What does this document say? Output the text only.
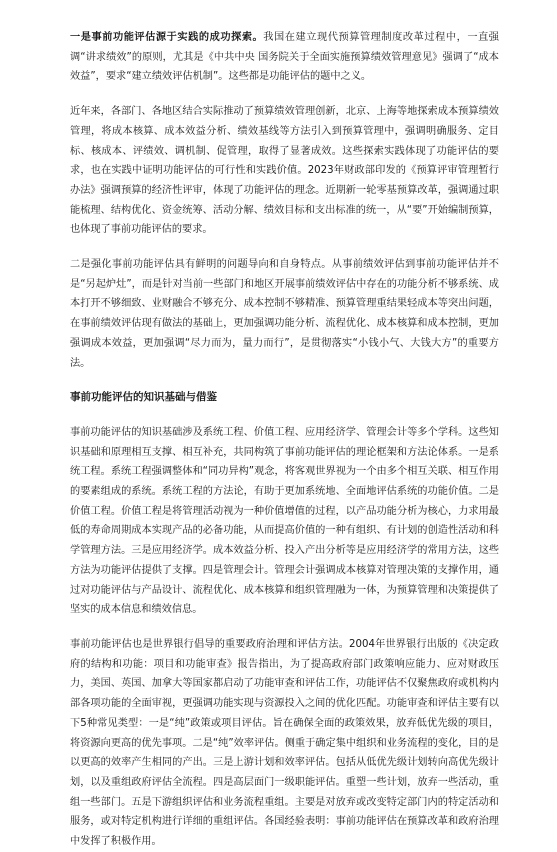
一是事前功能评估源于实践的成功探索。我国在建立现代预算管理制度改革过程中，一直强调“讲求绩效”的原则，尤其是《中共中央 国务院关于全面实施预算绩效管理意见》强调了“成本效益”，要求“建立绩效评估机制”。这些都是功能评估的题中之义。

近年来，各部门、各地区结合实际推动了预算绩效管理创新，北京、上海等地探索成本预算绩效管理，将成本核算、成本效益分析、绩效基线等方法引入到预算管理中，强调明确服务、定目标、核成本、评绩效、调机制、促管理，取得了显著成效。这些探索实践体现了功能评估的要求，也在实践中证明功能评估的可行性和实践价值。2023年财政部印发的《预算评审管理暂行办法》强调预算的经济性评审，体现了功能评估的理念。近期新一轮零基预算改革，强调通过职能梳理、结构优化、资金统筹、活动分解、绩效目标和支出标准的统一，从“要”开始编制预算，也体现了事前功能评估的要求。

二是强化事前功能评估具有鲜明的问题导向和自身特点。从事前绩效评估到事前功能评估并不是“另起炉灶”，而是针对当前一些部门和地区开展事前绩效评估中存在的功能分析不够系统、成本打开不够细致、业财融合不够充分、成本控制不够精准、预算管理重结果轻成本等突出问题，在事前绩效评估现有做法的基础上，更加强调功能分析、流程优化、成本核算和成本控制，更加强调成本效益，更加强调“尽力而为，量力而行”，是贯彻落实“小钱小气、大钱大方”的重要方法。

事前功能评估的知识基础与借鉴

事前功能评估的知识基础涉及系统工程、价值工程、应用经济学、管理会计等多个学科。这些知识基础和原理相互支撑、相互补充，共同构筑了事前功能评估的理论框架和方法论体系。一是系统工程。系统工程强调整体和“同功异构”观念，将客观世界视为一个由多个相互关联、相互作用的要素组成的系统。系统工程的方法论，有助于更加系统地、全面地评估系统的功能价值。二是价值工程。价值工程是将管理活动视为一种价值增值的过程，以产品功能分析为核心，力求用最低的寿命周期成本实现产品的必备功能，从而提高价值的一种有组织、有计划的创造性活动和科学管理方法。三是应用经济学。成本效益分析、投入产出分析等是应用经济学的常用方法，这些方法为功能评估提供了支撑。四是管理会计。管理会计强调成本核算对管理决策的支撑作用，通过对功能评估与产品设计、流程优化、成本核算和组织管理融为一体，为预算管理和决策提供了坚实的成本信息和绩效信息。

事前功能评估也是世界银行倡导的重要政府治理和评估方法。2004年世界银行出版的《决定政府的结构和功能：项目和功能审查》报告指出，为了提高政府部门政策响应能力、应对财政压力，美国、英国、加拿大等国家都启动了功能审查和评估工作，功能评估不仅聚焦政府或机构内部各项功能的全面审视，更强调功能实现与资源投入之间的优化匹配。功能审查和评估主要有以下5种常见类型：一是“纯”政策或项目评估。旨在确保全面的政策效果，放弃低优先级的项目，将资源向更高的优先事项。二是“纯”效率评估。侧重于确定集中组织和业务流程的变化，目的是以更高的效率产生相同的产出。三是上游计划和效率评估。包括从低优先级计划转向高优先级计划，以及重组政府评估全流程。四是高层面门一级职能评估。重塑一些计划，放弃一些活动，重组一些部门。五是下游组织评估和业务流程重组。主要是对放弃或改变特定部门内的特定活动和服务，或对特定机构进行详细的重组评估。各国经验表明：事前功能评估在预算改革和政府治理中发挥了积极作用。
